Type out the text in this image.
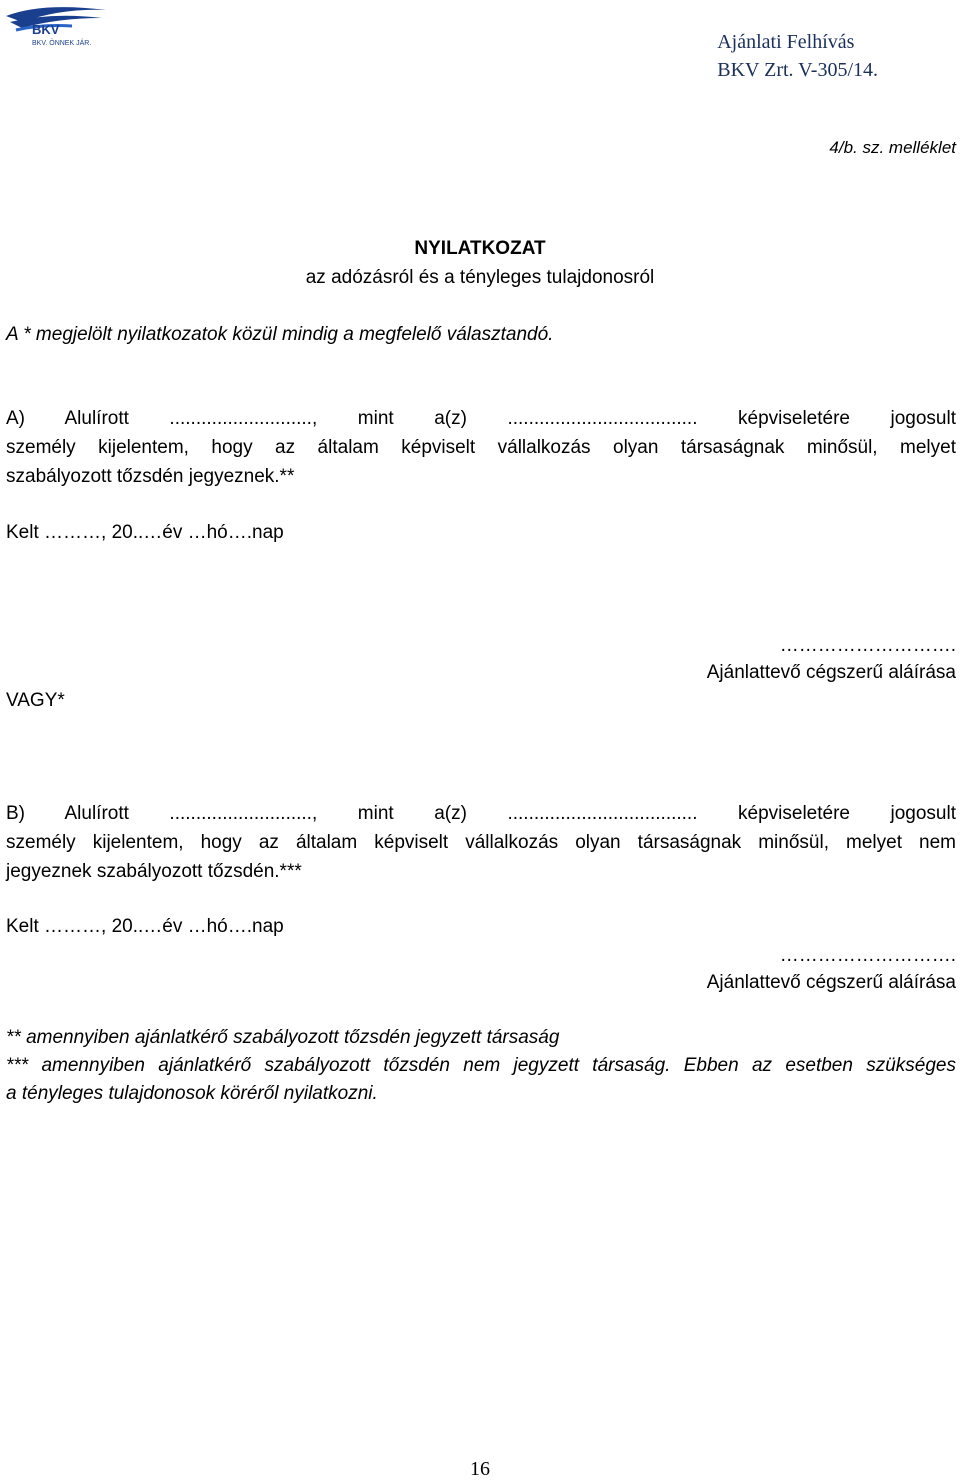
BKV
BKV. ÖNNEK JÁR.	Ajánlati Felhívás
BKV Zrt. V-305/14.
4/b. sz. melléklet
NYILATKOZAT
az adózásról és a tényleges tulajdonosról
A * megjelölt nyilatkozatok közül mindig a megfelelő választandó.
A) Alulírott ..........................., mint a(z) .................................... képviseletére jogosult
személy kijelentem, hogy az általam képviselt vállalkozás olyan társaságnak minősül, melyet
szabályozott tőzsdén jegyeznek.**
Kelt ………, 20..…év …hó….nap
……………………….
Ajánlattevő cégszerű aláírása
VAGY*
B) Alulírott ..........................., mint a(z) .................................... képviseletére jogosult
személy kijelentem, hogy az általam képviselt vállalkozás olyan társaságnak minősül, melyet nem
jegyeznek szabályozott tőzsdén.***
Kelt ………, 20..…év …hó….nap
……………………….
Ajánlattevő cégszerű aláírása
** amennyiben ajánlatkérő szabályozott tőzsdén jegyzett társaság
*** amennyiben ajánlatkérő szabályozott tőzsdén nem jegyzett társaság. Ebben az esetben szükséges
a tényleges tulajdonosok köréről nyilatkozni.
16
